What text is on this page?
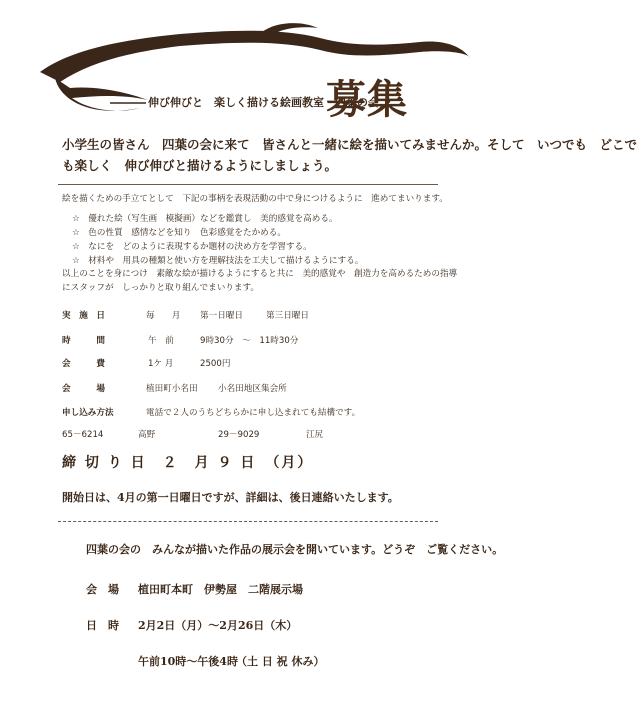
伸び伸びと　楽しく描ける絵画教室　四葉の会
募集
小学生の皆さん　四葉の会に来て　皆さんと一緒に絵を描いてみませんか。そして　いつでも　どこで
も楽しく　伸び伸びと描けるようにしましょう。
絵を描くための手立てとして　下記の事柄を表現活動の中で身につけるように　進めてまいります。
☆　優れた絵（写生画　模擬画）などを鑑賞し　美的感覚を高める。
☆　色の性質　感情などを知り　色彩感覚をたかめる。
☆　なにを　どのように表現するか題材の決め方を学習する。
☆　材料や　用具の種類と使い方を理解技法を工夫して描けるようにする。
以上のことを身につけ　素敵な絵が描けるようにすると共に　美的感覚や　創造力を高めるための指導
にスタッフが　しっかりと取り組んでまいります。
実　施　日	毎　　月 第一日曜日	第三日曜日
時　　　間	午　前	9時30分　～　11時30分
会　　　費	1ケ 月	2500円
会　　　場	植田町小名田 小名田地区集会所
申し込み方法	電話で２人のうちどちらかに申し込まれても結構です。
65－6214	高野	29－9029	江尻
締 切 り 日　２　月 ９ 日　（月）
開始日は、4月の第一日曜日ですが、詳細は、後日連絡いたします。
四葉の会の　みんなが描いた作品の展示会を開いています。どうぞ　ご覧ください。
会　場 植田町本町　伊勢屋　二階展示場
日　時 2月2日（月）～2月26日（木）
午前10時～午後4時
（土 日 祝 休み）
